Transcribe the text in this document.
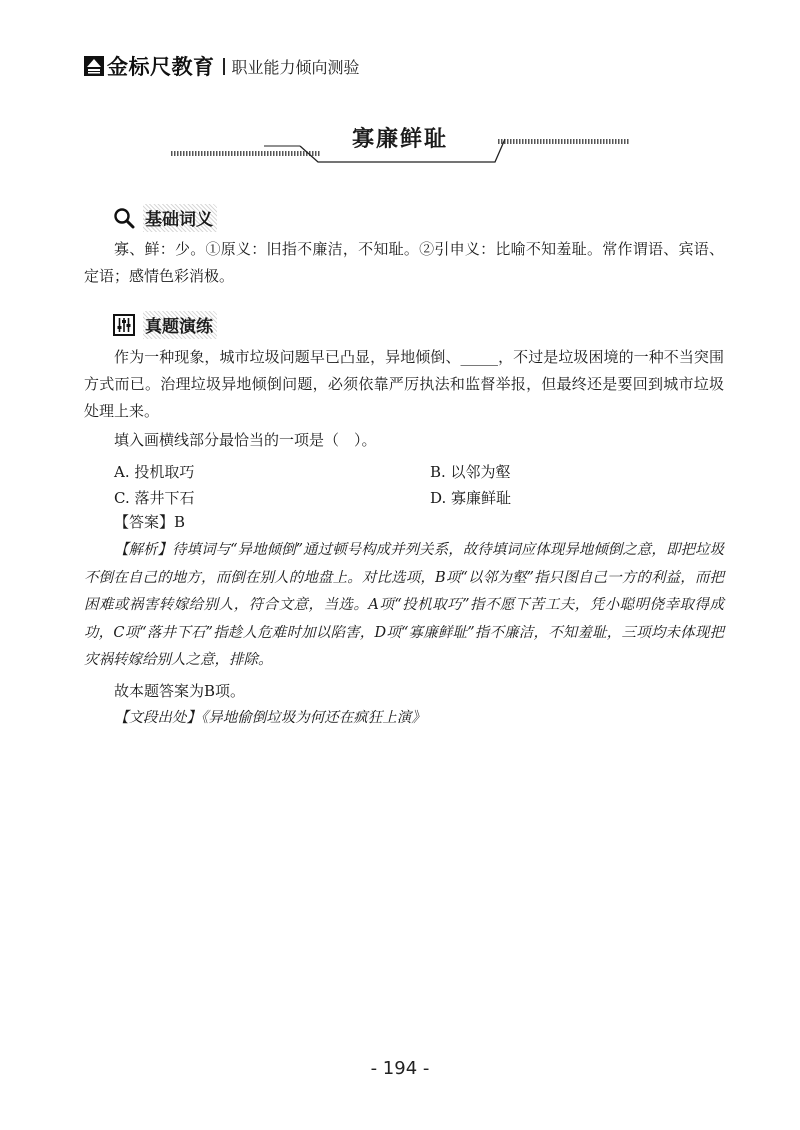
金标尺教育 职业能力倾向测验
寡廉鲜耻
基础词义

寡、鲜：少。①原义：旧指不廉洁，不知耻。②引申义：比喻不知羞耻。常作谓语、宾语、定语；感情色彩消极。

真题演练

作为一种现象，城市垃圾问题早已凸显，异地倾倒、_____，不过是垃圾困境的一种不当突围方式而已。治理垃圾异地倾倒问题，必须依靠严厉执法和监督举报，但最终还是要回到城市垃圾处理上来。

填入画横线部分最恰当的一项是（　）。

A. 投机取巧	B. 以邻为壑
C. 落井下石	D. 寡廉鲜耻

【答案】B

【解析】待填词与“异地倾倒”通过顿号构成并列关系，故待填词应体现异地倾倒之意，即把垃圾不倒在自己的地方，而倒在别人的地盘上。对比选项，B项“以邻为壑”指只图自己一方的利益，而把困难或祸害转嫁给别人，符合文意，当选。A项“投机取巧”指不愿下苦工夫，凭小聪明侥幸取得成功，C项“落井下石”指趁人危难时加以陷害，D项“寡廉鲜耻”指不廉洁，不知羞耻，三项均未体现把灾祸转嫁给别人之意，排除。

故本题答案为B项。

【文段出处】《异地偷倒垃圾为何还在疯狂上演》

- 194 -
